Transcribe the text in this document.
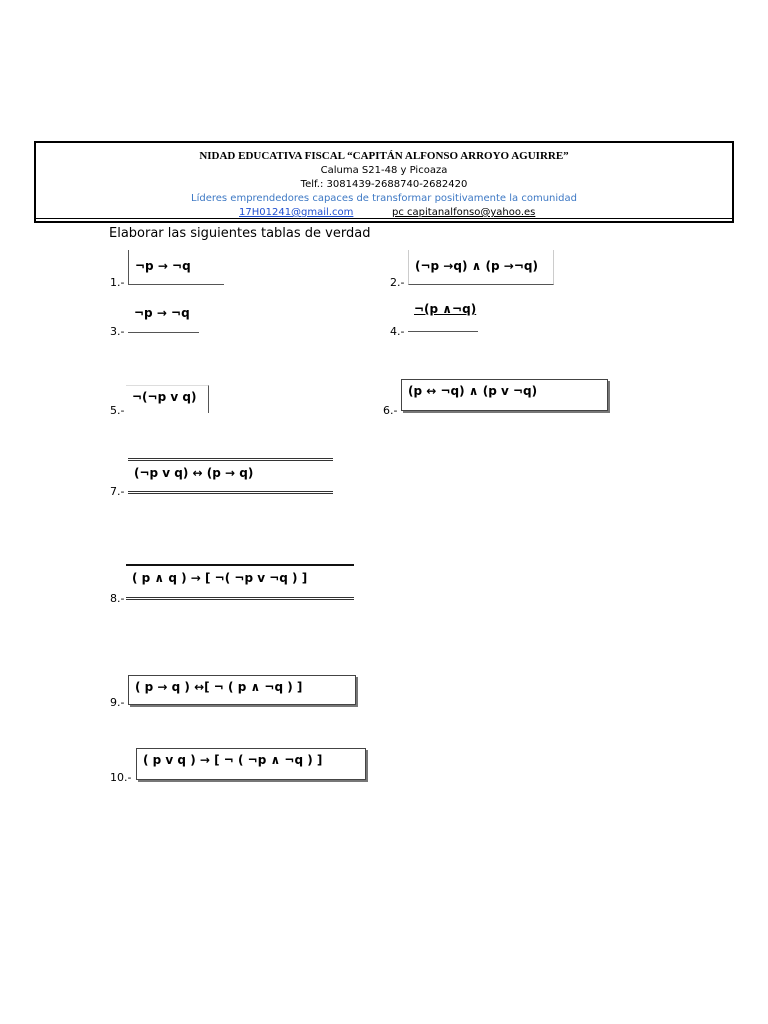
NIDAD EDUCATIVA FISCAL “CAPITÁN ALFONSO ARROYO AGUIRRE”
Caluma S21-48 y Picoaza
Telf.: 3081439-2688740-2682420
Líderes emprendedores capaces de transformar positivamente la comunidad
17H01241@gmail.com	pc capitanalfonso@yahoo.es
Elaborar las siguientes tablas de verdad
1.-
¬p → ¬q
2.-
(¬p →q) ∧ (p →¬q)
3.-
¬p → ¬q
4.-
¬(p ∧¬q)
5.-
¬(¬p v q)
6.-
(p ↔ ¬q) ∧ (p v ¬q)
7.-
(¬p v q) ↔ (p → q)
8.-
( p ∧ q ) → [ ¬( ¬p v ¬q ) ]
9.-
( p → q ) ↔[ ¬ ( p ∧ ¬q ) ]
10.-
( p v q ) → [ ¬ ( ¬p ∧ ¬q ) ]
